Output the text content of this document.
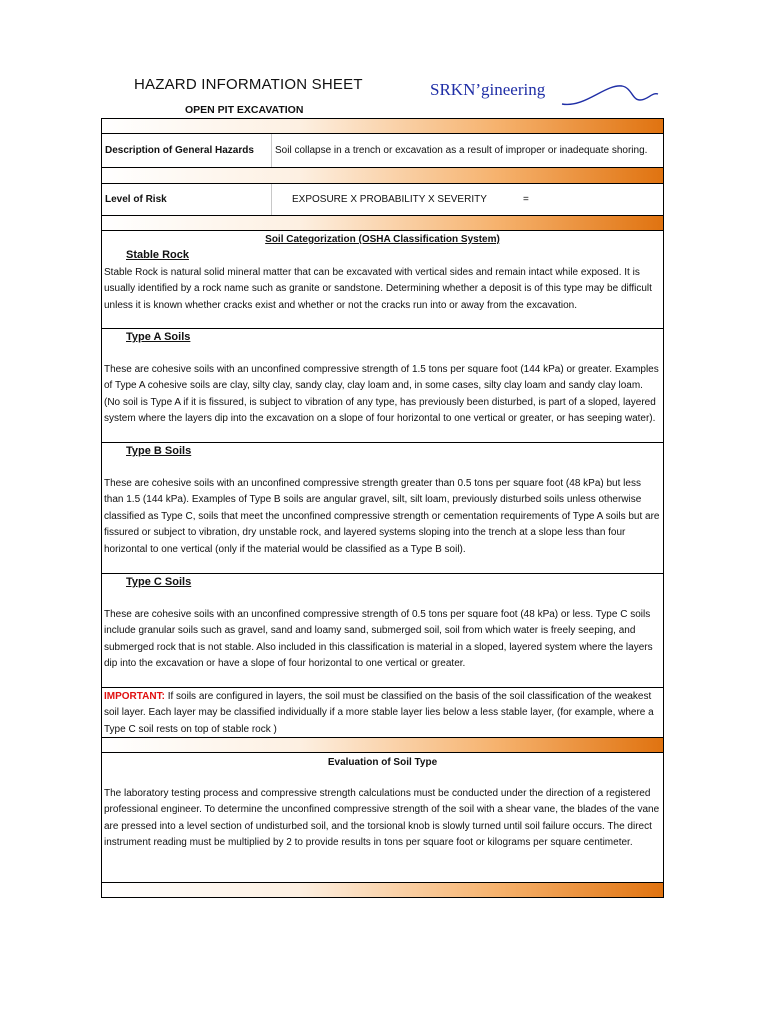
HAZARD INFORMATION SHEET
OPEN PIT EXCAVATION
SRKN’gineering
Description of General Hazards	Soil collapse in a trench or excavation as a result of improper or inadequate shoring.
Level of Risk	EXPOSURE X PROBABILITY X SEVERITY	=
Soil Categorization (OSHA Classification System)
Stable Rock
Stable Rock is natural solid mineral matter that can be excavated with vertical sides and remain intact while exposed. It is usually identified by a rock name such as granite or sandstone. Determining whether a deposit is of this type may be difficult unless it is known whether cracks exist and whether or not the cracks run into or away from the excavation.
Type A Soils
These are cohesive soils with an unconfined compressive strength of 1.5 tons per square foot (144 kPa) or greater. Examples of Type A cohesive soils are clay, silty clay, sandy clay, clay loam and, in some cases, silty clay loam and sandy clay loam. (No soil is Type A if it is fissured, is subject to vibration of any type, has previously been disturbed, is part of a sloped, layered system where the layers dip into the excavation on a slope of four horizontal to one vertical or greater, or has seeping water).
Type B Soils
These are cohesive soils with an unconfined compressive strength greater than 0.5 tons per square foot (48 kPa) but less than 1.5 (144 kPa). Examples of Type B soils are angular gravel, silt, silt loam, previously disturbed soils unless otherwise classified as Type C, soils that meet the unconfined compressive strength or cementation requirements of Type A soils but are fissured or subject to vibration, dry unstable rock, and layered systems sloping into the trench at a slope less than four horizontal to one vertical (only if the material would be classified as a Type B soil).
Type C Soils
These are cohesive soils with an unconfined compressive strength of 0.5 tons per square foot (48 kPa) or less. Type C soils include granular soils such as gravel, sand and loamy sand, submerged soil, soil from which water is freely seeping, and submerged rock that is not stable. Also included in this classification is material in a sloped, layered system where the layers dip into the excavation or have a slope of four horizontal to one vertical or greater.
IMPORTANT: If soils are configured in layers, the soil must be classified on the basis of the soil classification of the weakest soil layer. Each layer may be classified individually if a more stable layer lies below a less stable layer, (for example, where a Type C soil rests on top of stable rock )
Evaluation of Soil Type
The laboratory testing process and compressive strength calculations must be conducted under the direction of a registered professional engineer. To determine the unconfined compressive strength of the soil with a shear vane, the blades of the vane are pressed into a level section of undisturbed soil, and the torsional knob is slowly turned until soil failure occurs. The direct instrument reading must be multiplied by 2 to provide results in tons per square foot or kilograms per square centimeter.
